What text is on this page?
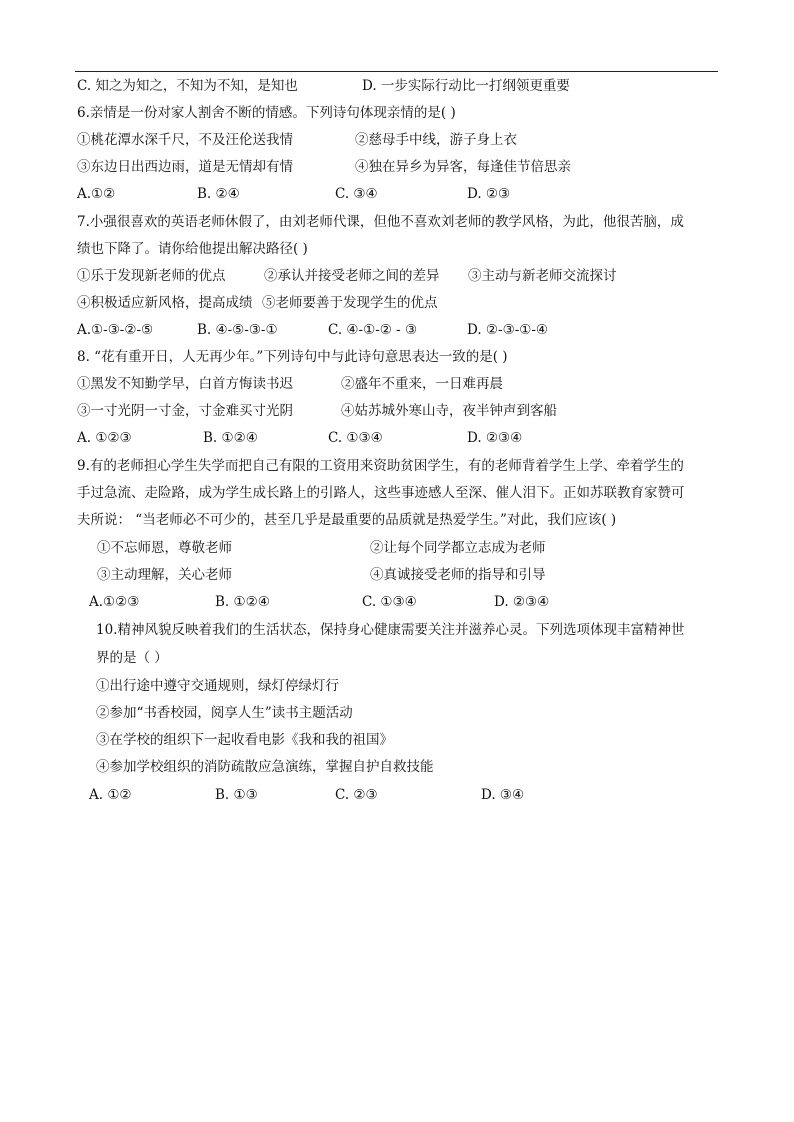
C. 知之为知之，不知为不知，是知也	D. 一步实际行动比一打纲领更重要
6.亲情是一份对家人割舍不断的情感。下列诗句体现亲情的是( )
①桃花潭水深千尺，不及汪伦送我情	②慈母手中线，游子身上衣
③东边日出西边雨，道是无情却有情	④独在异乡为异客，每逢佳节倍思亲
A.①②	B. ②④	C. ③④	D. ②③
7.小强很喜欢的英语老师休假了，由刘老师代课，但他不喜欢刘老师的教学风格，为此，他很苦脑，成
绩也下降了。请你给他提出解决路径( )
①乐于发现新老师的优点	②承认并接受老师之间的差异 ③主动与新老师交流探讨
④积极适应新风格，提高成绩 ⑤老师要善于发现学生的优点
A.①-③-②-⑤	B. ④-⑤-③-①	C. ④-①-② - ③	D. ②-③-①-④
8. “花有重开日，人无再少年。”下列诗句中与此诗句意思表达一致的是( )
①黑发不知勤学早，白首方悔读书迟	②盛年不重来，一日难再晨
③一寸光阴一寸金，寸金难买寸光阴	④姑苏城外寒山寺，夜半钟声到客船
A. ①②③	B. ①②④	C. ①③④	D. ②③④
9.有的老师担心学生失学而把自己有限的工资用来资助贫困学生，有的老师背着学生上学、牵着学生的
手过急流、走险路，成为学生成长路上的引路人，这些事迹感人至深、催人泪下。正如苏联教育家赞可
夫所说： “当老师必不可少的，甚至几乎是最重要的品质就是热爱学生。”对此，我们应该( )
①不忘师恩，尊敬老师	②让每个同学都立志成为老师
③主动理解，关心老师	④真诚接受老师的指导和引导
A.①②③	B. ①②④	C. ①③④	D. ②③④
10.精神风貌反映着我们的生活状态，保持身心健康需要关注并滋养心灵。下列选项体现丰富精神世
界的是（ ）
①出行途中遵守交通规则，绿灯停绿灯行
②参加“书香校园，阅享人生”读书主题活动
③在学校的组织下一起收看电影《我和我的祖国》
④参加学校组织的消防疏散应急演练，掌握自护自救技能
A. ①②	B. ①③	C. ②③	D. ③④
